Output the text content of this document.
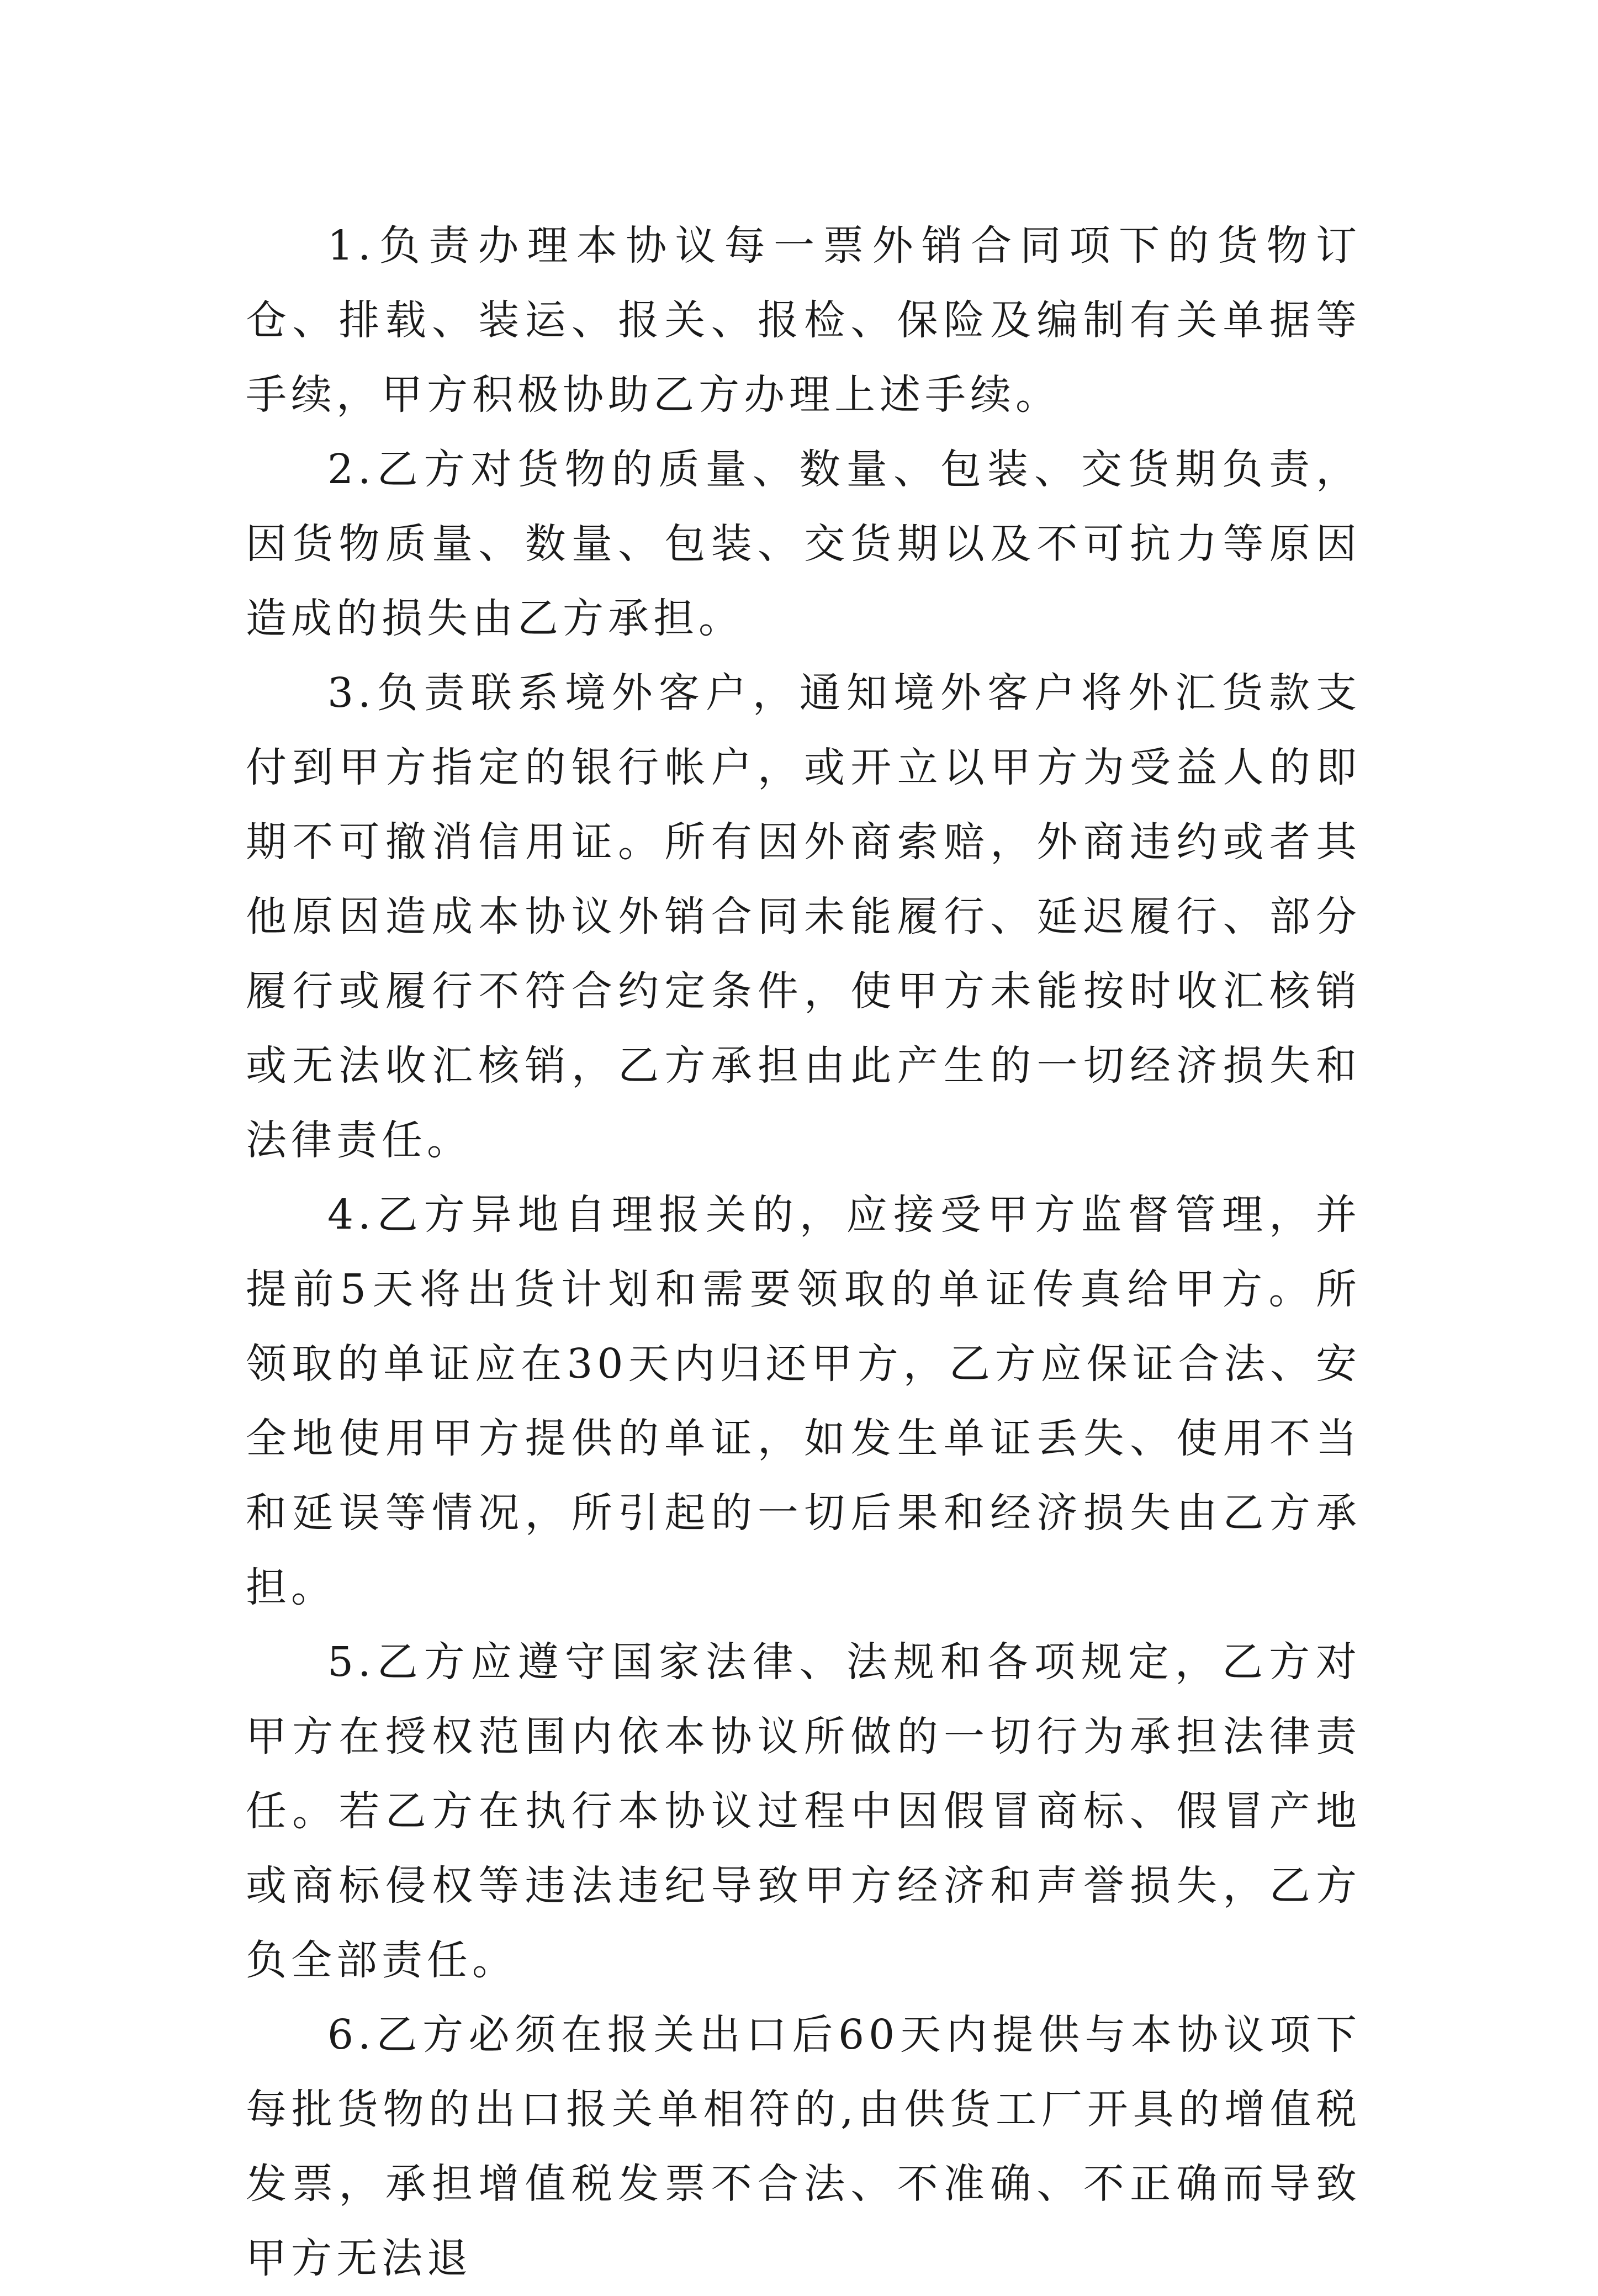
1.负责办理本协议每一票外销合同项下的货物订仓、排载、装运、报关、报检、保险及编制有关单据等手续，甲方积极协助乙方办理上述手续。

2.乙方对货物的质量、数量、包装、交货期负责，因货物质量、数量、包装、交货期以及不可抗力等原因造成的损失由乙方承担。

3.负责联系境外客户，通知境外客户将外汇货款支付到甲方指定的银行帐户，或开立以甲方为受益人的即期不可撤消信用证。所有因外商索赔，外商违约或者其他原因造成本协议外销合同未能履行、延迟履行、部分履行或履行不符合约定条件，使甲方未能按时收汇核销或无法收汇核销，乙方承担由此产生的一切经济损失和法律责任。

4.乙方异地自理报关的，应接受甲方监督管理，并提前5天将出货计划和需要领取的单证传真给甲方。所领取的单证应在30天内归还甲方，乙方应保证合法、安全地使用甲方提供的单证，如发生单证丢失、使用不当和延误等情况，所引起的一切后果和经济损失由乙方承担。

5.乙方应遵守国家法律、法规和各项规定，乙方对甲方在授权范围内依本协议所做的一切行为承担法律责任。若乙方在执行本协议过程中因假冒商标、假冒产地或商标侵权等违法违纪导致甲方经济和声誉损失，乙方负全部责任。

6.乙方必须在报关出口后60天内提供与本协议项下每批货物的出口报关单相符的,由供货工厂开具的增值税发票，承担增值税发票不合法、不准确、不正确而导致甲方无法退
